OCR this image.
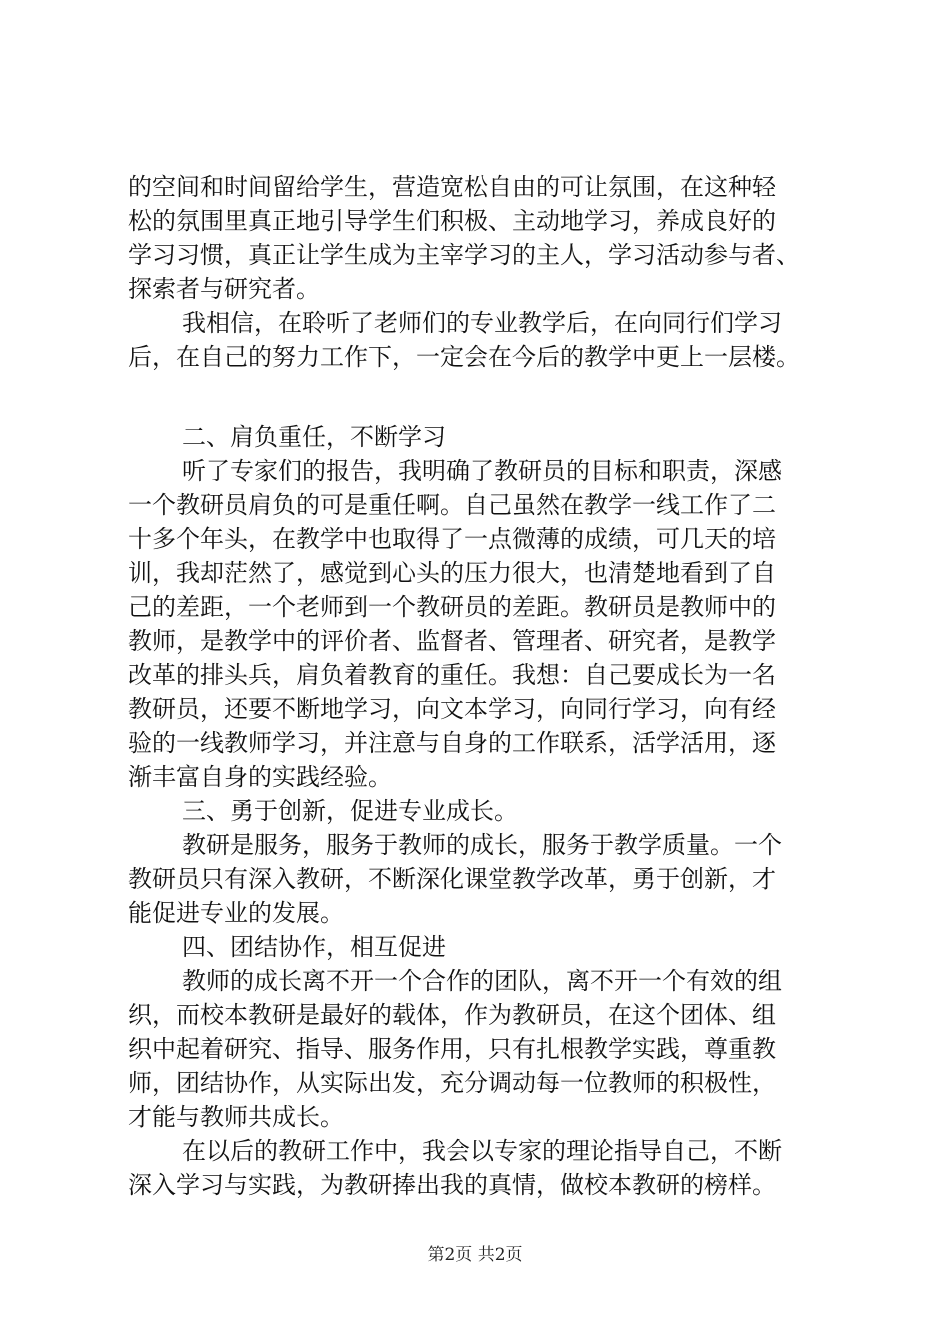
的空间和时间留给学生，营造宽松自由的可让氛围，在这种轻
松的氛围里真正地引导学生们积极、主动地学习，养成良好的
学习习惯，真正让学生成为主宰学习的主人，学习活动参与者、
探索者与研究者。
我相信，在聆听了老师们的专业教学后，在向同行们学习
后，在自己的努力工作下，一定会在今后的教学中更上一层楼。
二、肩负重任，不断学习
听了专家们的报告，我明确了教研员的目标和职责，深感
一个教研员肩负的可是重任啊。自己虽然在教学一线工作了二
十多个年头，在教学中也取得了一点微薄的成绩，可几天的培
训，我却茫然了，感觉到心头的压力很大，也清楚地看到了自
己的差距，一个老师到一个教研员的差距。教研员是教师中的
教师，是教学中的评价者、监督者、管理者、研究者，是教学
改革的排头兵，肩负着教育的重任。我想：自己要成长为一名
教研员，还要不断地学习，向文本学习，向同行学习，向有经
验的一线教师学习，并注意与自身的工作联系，活学活用，逐
渐丰富自身的实践经验。
三、勇于创新，促进专业成长。
教研是服务，服务于教师的成长，服务于教学质量。一个
教研员只有深入教研，不断深化课堂教学改革，勇于创新，才
能促进专业的发展。
四、团结协作，相互促进
教师的成长离不开一个合作的团队，离不开一个有效的组
织，而校本教研是最好的载体，作为教研员，在这个团体、组
织中起着研究、指导、服务作用，只有扎根教学实践，尊重教
师，团结协作，从实际出发，充分调动每一位教师的积极性，
才能与教师共成长。
在以后的教研工作中，我会以专家的理论指导自己，不断
深入学习与实践，为教研捧出我的真情，做校本教研的榜样。
第2页 共2页
